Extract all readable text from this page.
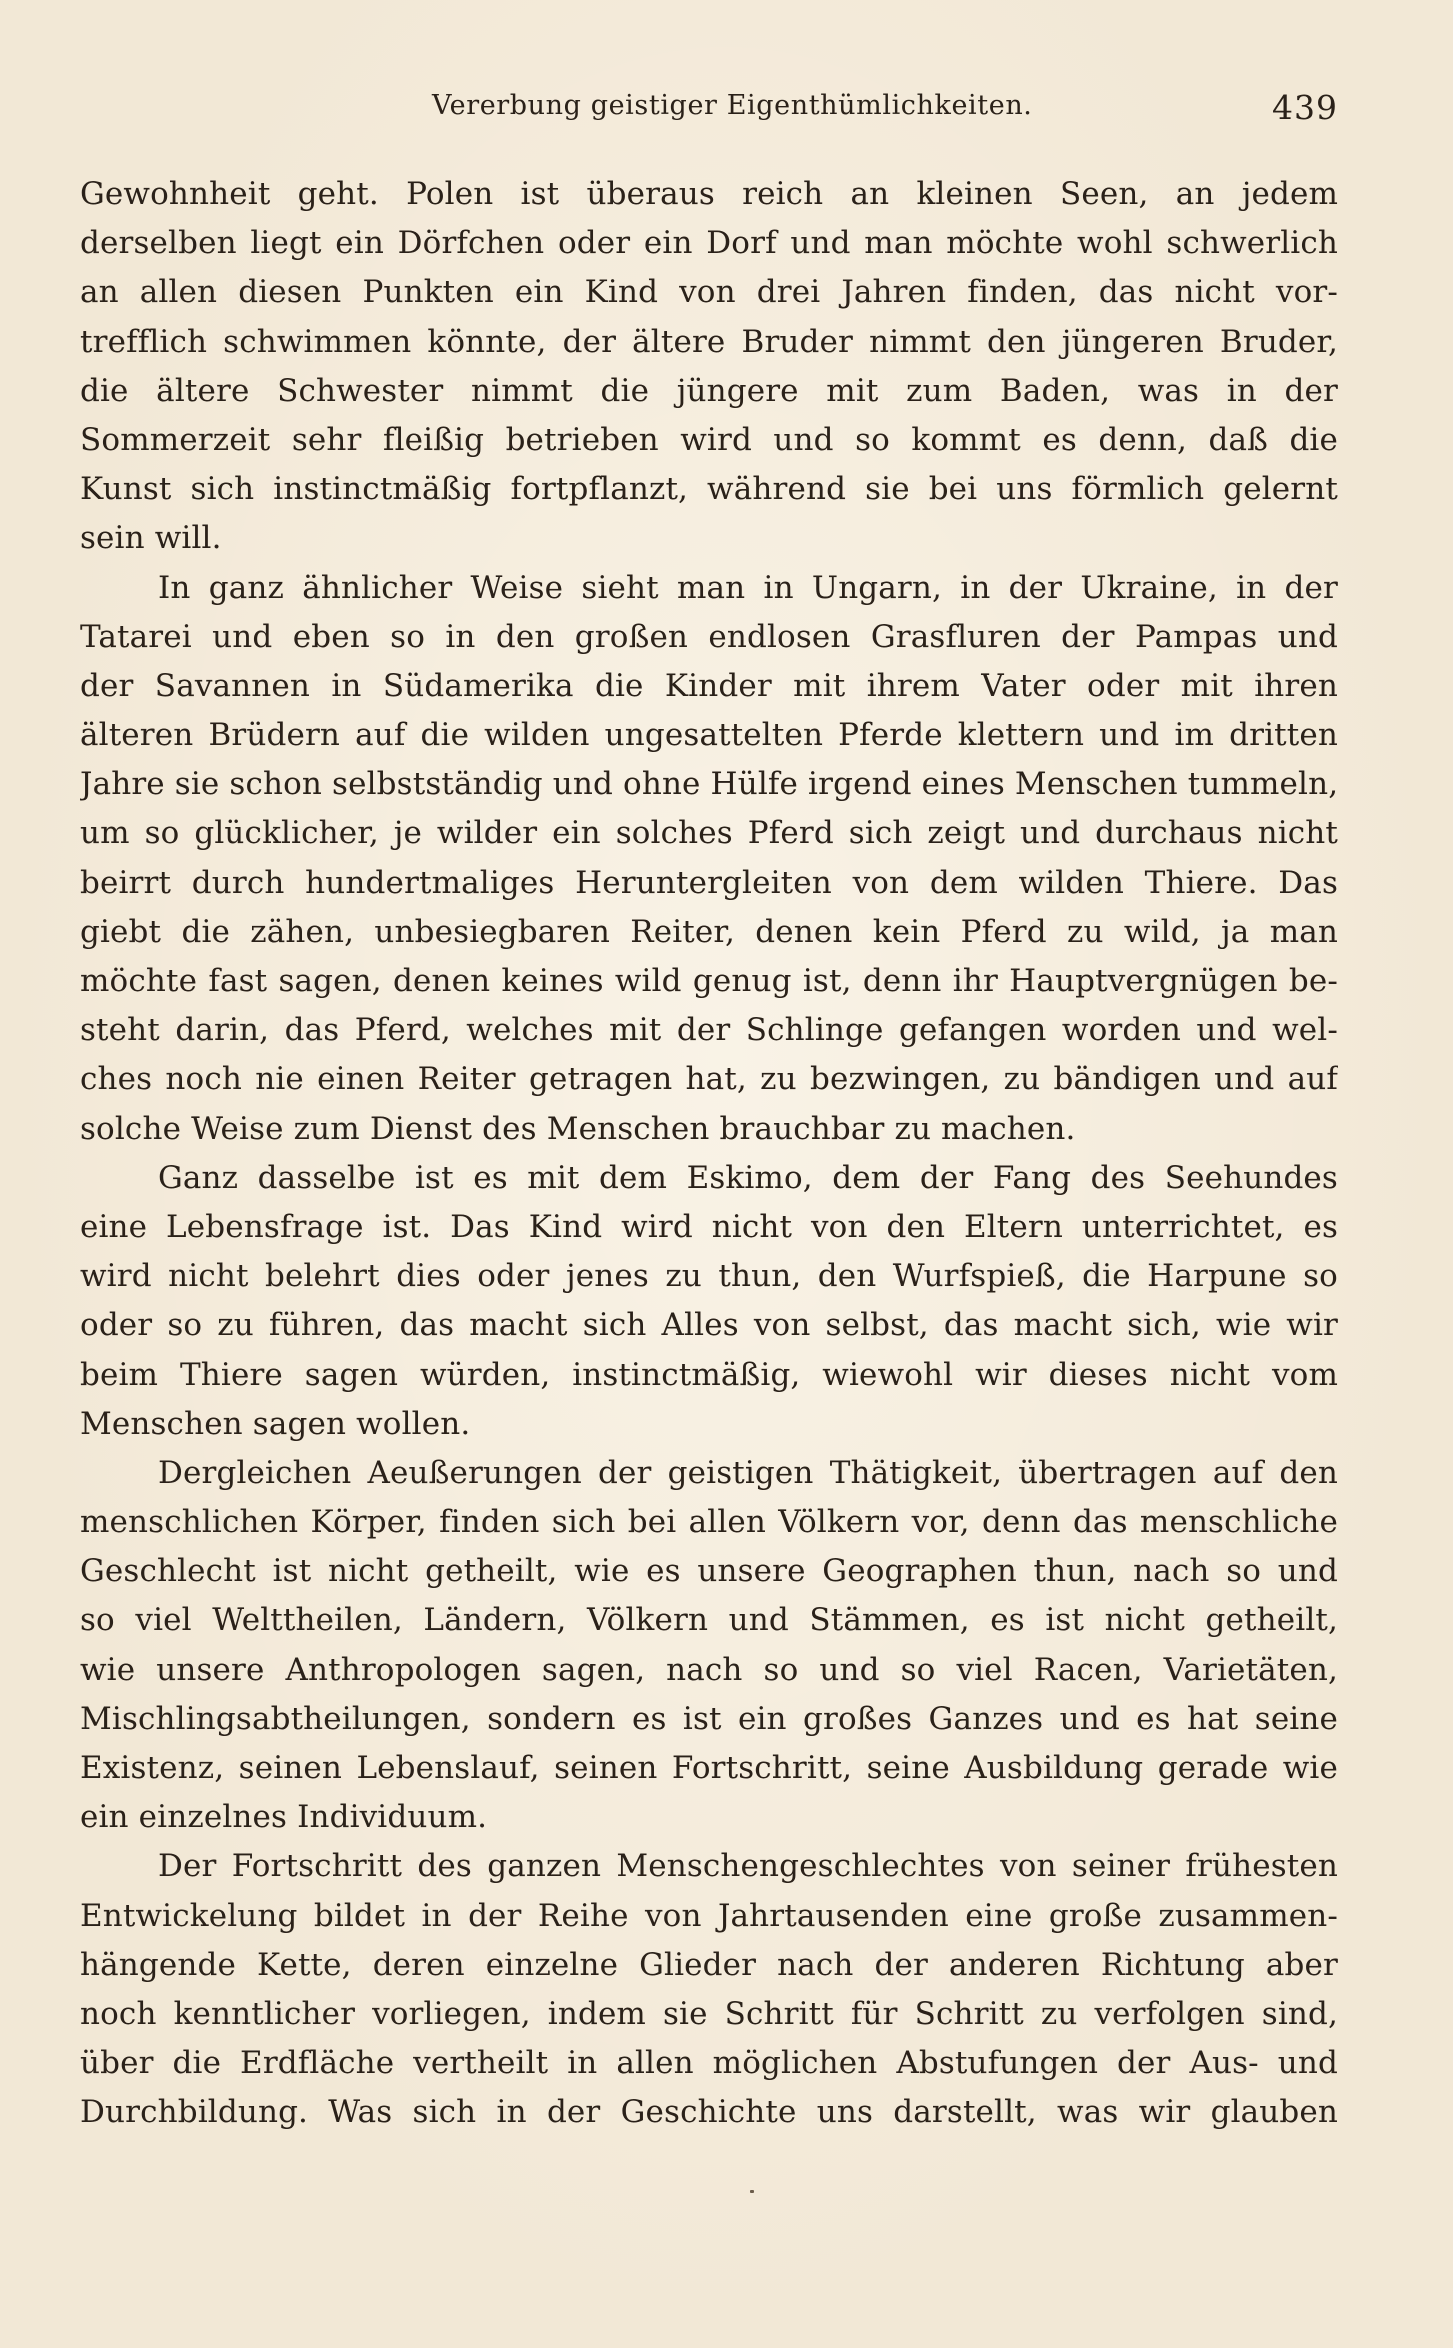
Vererbung geistiger Eigenthümlichkeiten.	439
Gewohnheit geht. Polen ist überaus reich an kleinen Seen, an jedem
derselben liegt ein Dörfchen oder ein Dorf und man möchte wohl schwerlich
an allen diesen Punkten ein Kind von drei Jahren finden, das nicht vor-
trefflich schwimmen könnte, der ältere Bruder nimmt den jüngeren Bruder,
die ältere Schwester nimmt die jüngere mit zum Baden, was in der
Sommerzeit sehr fleißig betrieben wird und so kommt es denn, daß die
Kunst sich instinctmäßig fortpflanzt, während sie bei uns förmlich gelernt
sein will.
In ganz ähnlicher Weise sieht man in Ungarn, in der Ukraine, in der
Tatarei und eben so in den großen endlosen Grasfluren der Pampas und
der Savannen in Südamerika die Kinder mit ihrem Vater oder mit ihren
älteren Brüdern auf die wilden ungesattelten Pferde klettern und im dritten
Jahre sie schon selbstständig und ohne Hülfe irgend eines Menschen tummeln,
um so glücklicher, je wilder ein solches Pferd sich zeigt und durchaus nicht
beirrt durch hundertmaliges Heruntergleiten von dem wilden Thiere. Das
giebt die zähen, unbesiegbaren Reiter, denen kein Pferd zu wild, ja man
möchte fast sagen, denen keines wild genug ist, denn ihr Hauptvergnügen be-
steht darin, das Pferd, welches mit der Schlinge gefangen worden und wel-
ches noch nie einen Reiter getragen hat, zu bezwingen, zu bändigen und auf
solche Weise zum Dienst des Menschen brauchbar zu machen.
Ganz dasselbe ist es mit dem Eskimo, dem der Fang des Seehundes
eine Lebensfrage ist. Das Kind wird nicht von den Eltern unterrichtet, es
wird nicht belehrt dies oder jenes zu thun, den Wurfspieß, die Harpune so
oder so zu führen, das macht sich Alles von selbst, das macht sich, wie wir
beim Thiere sagen würden, instinctmäßig, wiewohl wir dieses nicht vom
Menschen sagen wollen.
Dergleichen Aeußerungen der geistigen Thätigkeit, übertragen auf den
menschlichen Körper, finden sich bei allen Völkern vor, denn das menschliche
Geschlecht ist nicht getheilt, wie es unsere Geographen thun, nach so und
so viel Welttheilen, Ländern, Völkern und Stämmen, es ist nicht getheilt,
wie unsere Anthropologen sagen, nach so und so viel Racen, Varietäten,
Mischlingsabtheilungen, sondern es ist ein großes Ganzes und es hat seine
Existenz, seinen Lebenslauf, seinen Fortschritt, seine Ausbildung gerade wie
ein einzelnes Individuum.
Der Fortschritt des ganzen Menschengeschlechtes von seiner frühesten
Entwickelung bildet in der Reihe von Jahrtausenden eine große zusammen-
hängende Kette, deren einzelne Glieder nach der anderen Richtung aber
noch kenntlicher vorliegen, indem sie Schritt für Schritt zu verfolgen sind,
über die Erdfläche vertheilt in allen möglichen Abstufungen der Aus- und
Durchbildung. Was sich in der Geschichte uns darstellt, was wir glauben
